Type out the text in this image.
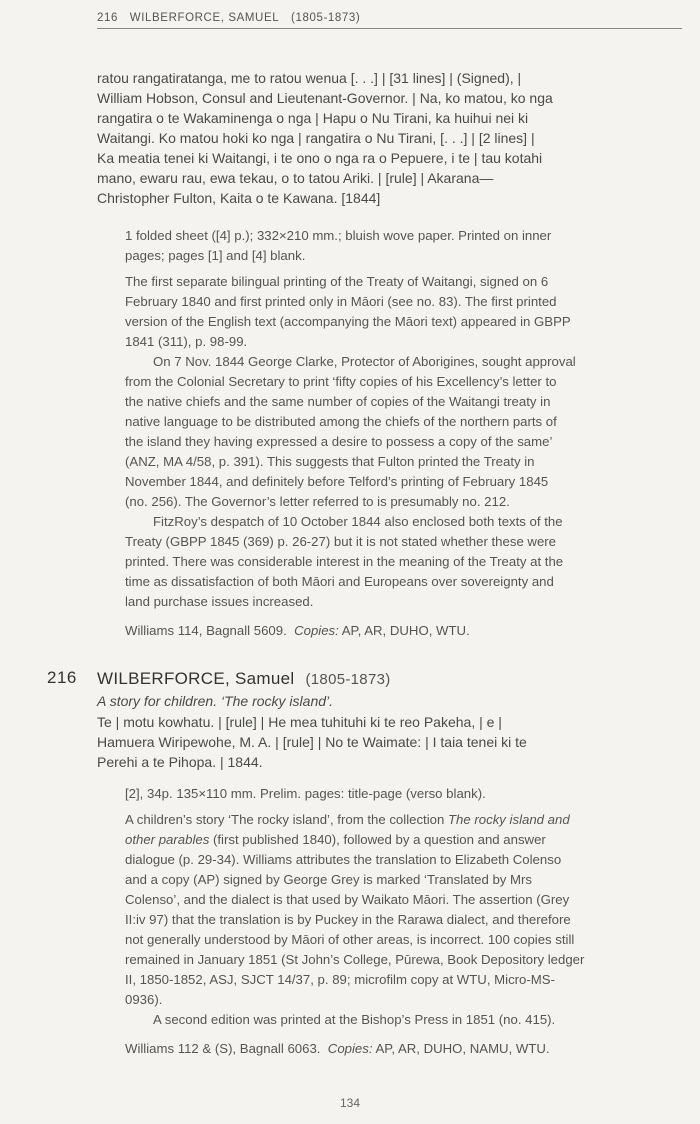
216 WILBERFORCE, SAMUEL (1805-1873)

ratou rangatiratanga, me to ratou wenua [. . .] | [31 lines] | (Signed), |

William Hobson, Consul and Lieutenant-Governor. | Na, ko matou, ko nga

rangatira o te Wakaminenga o nga | Hapu o Nu Tirani, ka huihui nei ki

Waitangi. Ko matou hoki ko nga | rangatira o Nu Tirani, [. . .] | [2 lines] |

Ka meatia tenei ki Waitangi, i te ono o nga ra o Pepuere, i te | tau kotahi

mano, ewaru rau, ewa tekau, o to tatou Ariki. | [rule] | Akarana—

Christopher Fulton, Kaita o te Kawana. [1844]

1 folded sheet ([4] p.); 332×210 mm.; bluish wove paper. Printed on inner

pages; pages [1] and [4] blank.

The first separate bilingual printing of the Treaty of Waitangi, signed on 6

February 1840 and first printed only in Māori (see no. 83). The first printed

version of the English text (accompanying the Māori text) appeared in GBPP

1841 (311), p. 98-99.

On 7 Nov. 1844 George Clarke, Protector of Aborigines, sought approval

from the Colonial Secretary to print ‘fifty copies of his Excellency’s letter to

the native chiefs and the same number of copies of the Waitangi treaty in

native language to be distributed among the chiefs of the northern parts of

the island they having expressed a desire to possess a copy of the same’

(ANZ, MA 4/58, p. 391). This suggests that Fulton printed the Treaty in

November 1844, and definitely before Telford’s printing of February 1845

(no. 256). The Governor’s letter referred to is presumably no. 212.

FitzRoy’s despatch of 10 October 1844 also enclosed both texts of the

Treaty (GBPP 1845 (369) p. 26-27) but it is not stated whether these were

printed. There was considerable interest in the meaning of the Treaty at the

time as dissatisfaction of both Māori and Europeans over sovereignty and

land purchase issues increased.

Williams 114, Bagnall 5609. Copies: AP, AR, DUHO, WTU.

216 WILBERFORCE, Samuel (1805-1873)

A story for children. ‘The rocky island’.

Te | motu kowhatu. | [rule] | He mea tuhituhi ki te reo Pakeha, | e |

Hamuera Wiripewohe, M. A. | [rule] | No te Waimate: | I taia tenei ki te

Perehi a te Pihopa. | 1844.

[2], 34p. 135×110 mm. Prelim. pages: title-page (verso blank).

A children’s story ‘The rocky island’, from the collection The rocky island and

other parables (first published 1840), followed by a question and answer

dialogue (p. 29-34). Williams attributes the translation to Elizabeth Colenso

and a copy (AP) signed by George Grey is marked ‘Translated by Mrs

Colenso’, and the dialect is that used by Waikato Māori. The assertion (Grey

II:iv 97) that the translation is by Puckey in the Rarawa dialect, and therefore

not generally understood by Māori of other areas, is incorrect. 100 copies still

remained in January 1851 (St John’s College, Pūrewa, Book Depository ledger

II, 1850-1852, ASJ, SJCT 14/37, p. 89; microfilm copy at WTU, Micro-MS-

0936).

A second edition was printed at the Bishop’s Press in 1851 (no. 415).

Williams 112 & (S), Bagnall 6063. Copies: AP, AR, DUHO, NAMU, WTU.

134
